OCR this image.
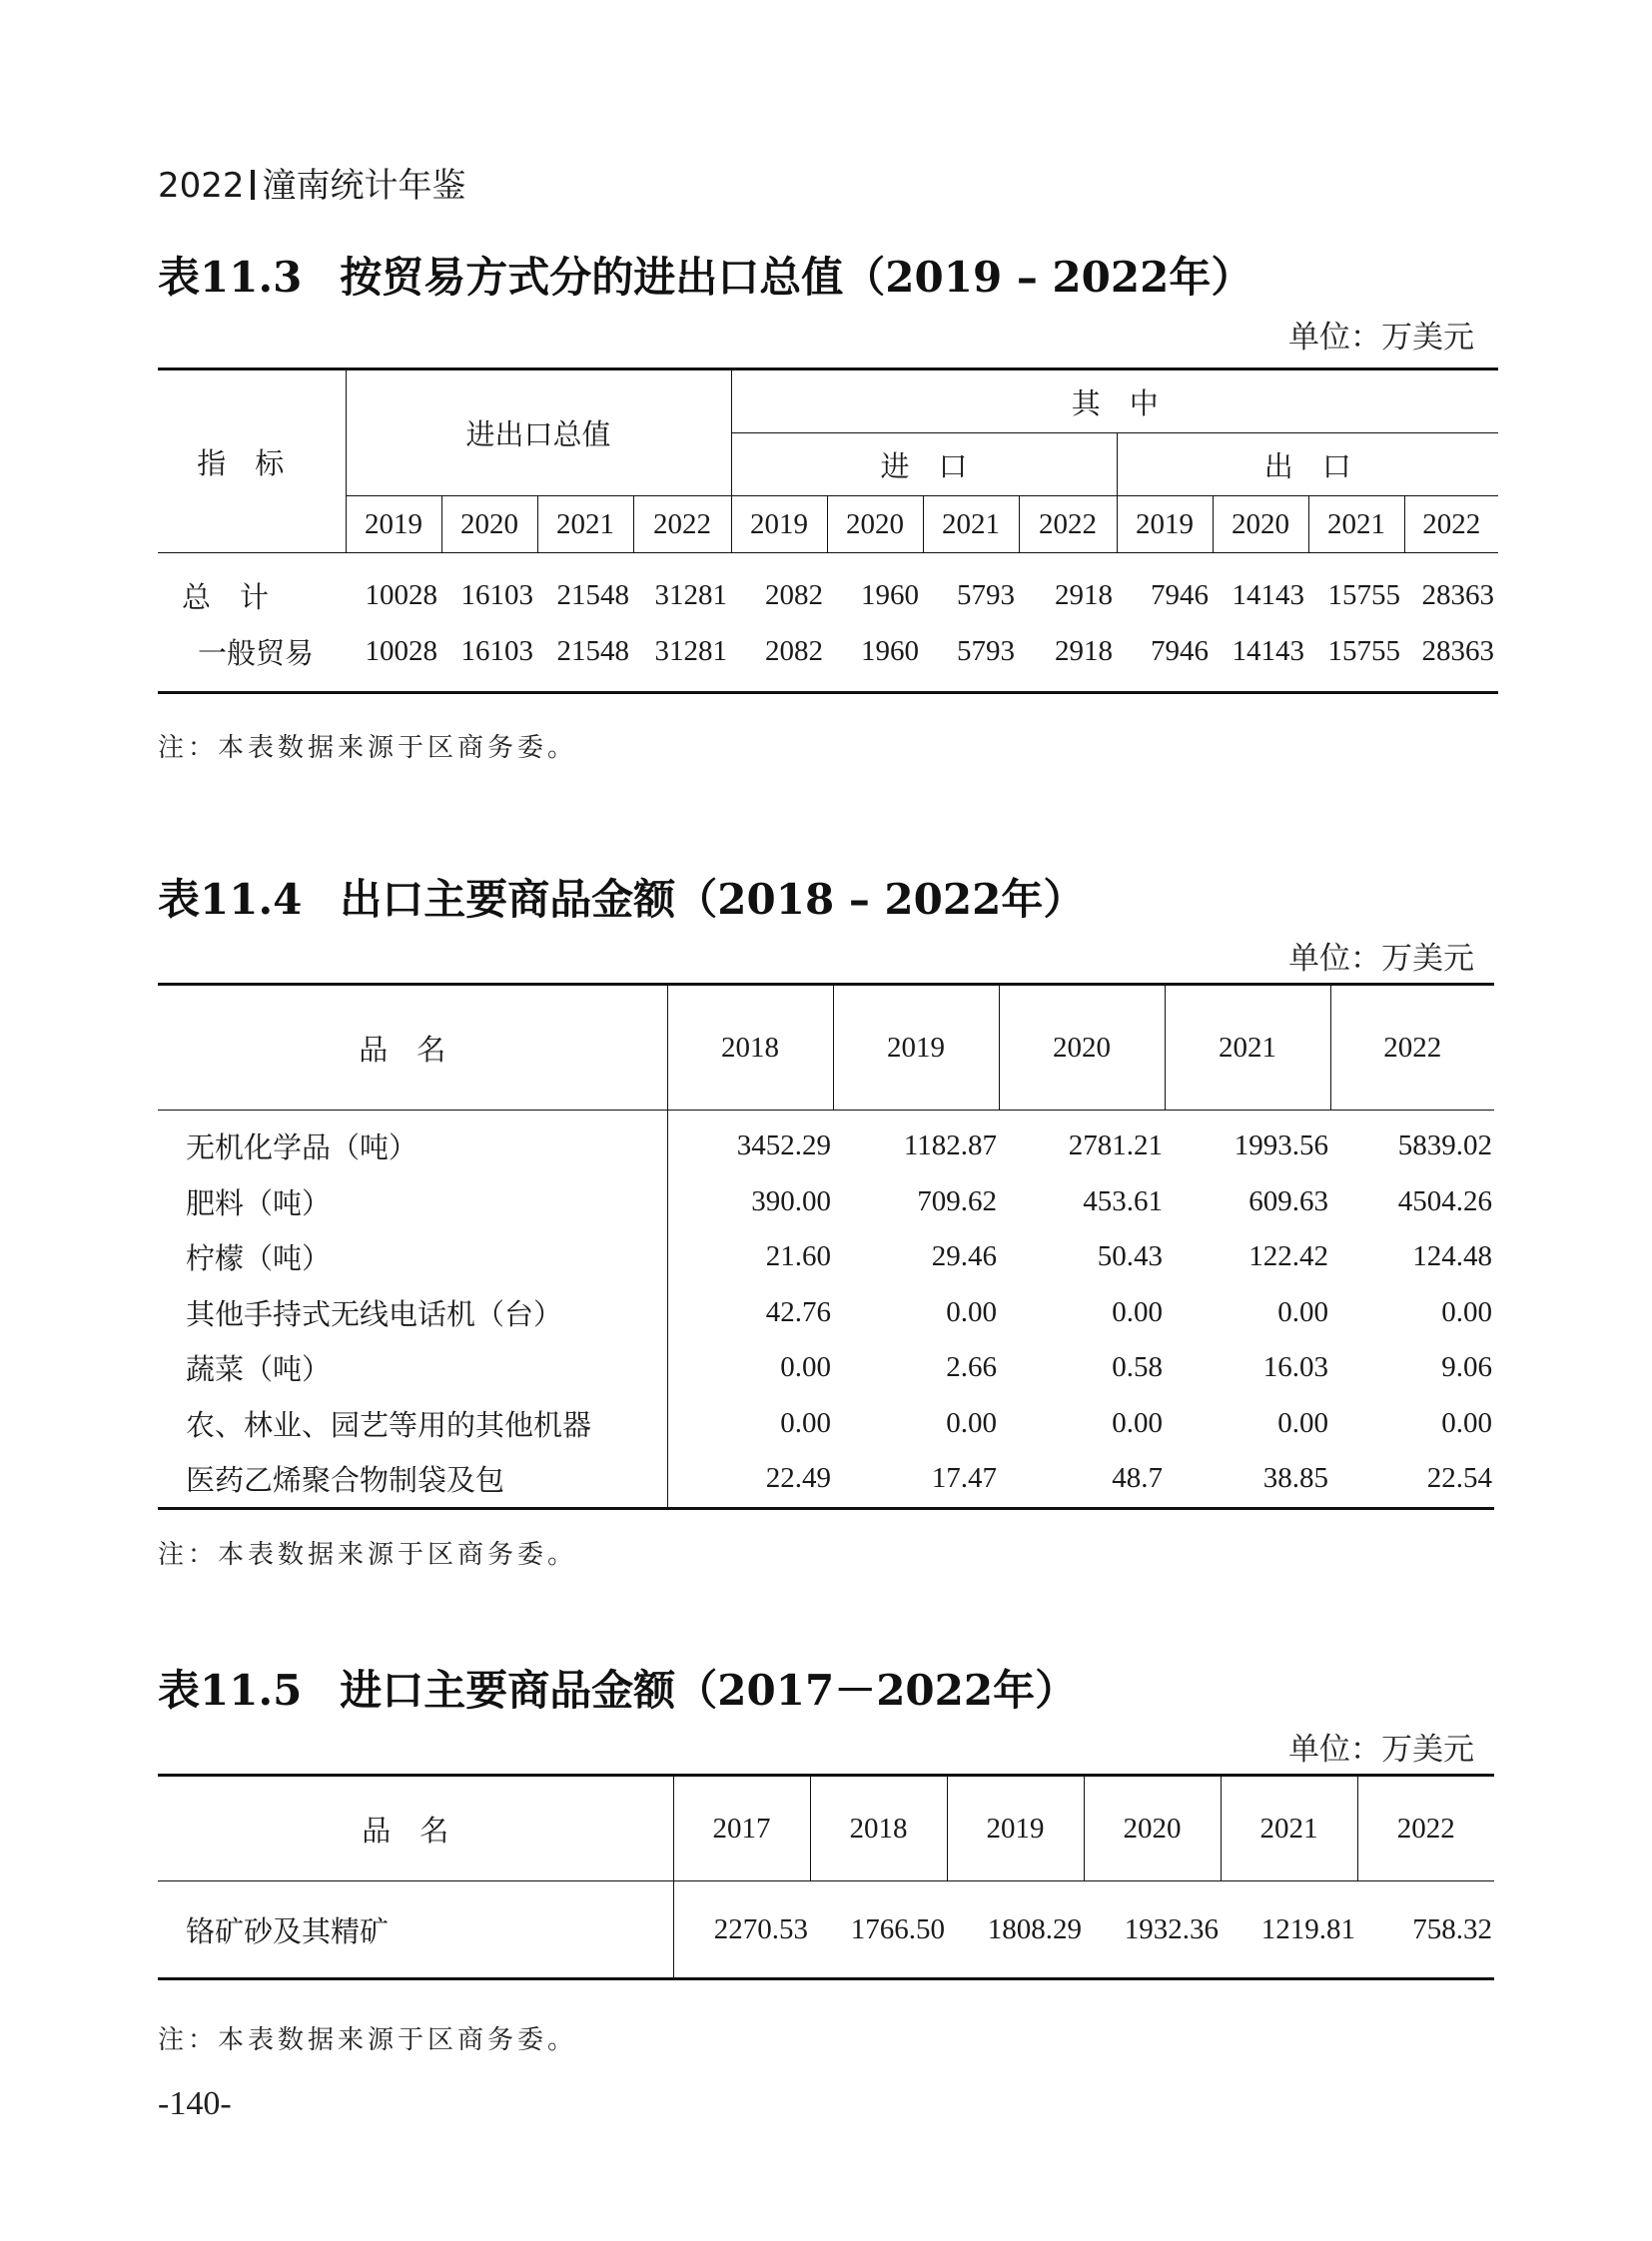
2022 潼南统计年鉴
表11.3 按贸易方式分的进出口总值（2019 – 2022年）
单位：万美元
指　标	进出口总值				其　中							
					进　口				出　口			
	2019	2020	2021	2022	2019	2020	2021	2022	2019	2020	2021	2022
总　计	10028	16103	21548	31281	2082	1960	5793	2918	7946	14143	15755	28363
一般贸易	10028	16103	21548	31281	2082	1960	5793	2918	7946	14143	15755	28363
注：本表数据来源于区商务委。
表11.4 出口主要商品金额（2018 – 2022年）
单位：万美元
品　名	2018	2019	2020	2021	2022
无机化学品（吨）	3452.29	1182.87	2781.21	1993.56	5839.02
肥料（吨）	390.00	709.62	453.61	609.63	4504.26
柠檬（吨）	21.60	29.46	50.43	122.42	124.48
其他手持式无线电话机（台）	42.76	0.00	0.00	0.00	0.00
蔬菜（吨）	0.00	2.66	0.58	16.03	9.06
农、林业、园艺等用的其他机器	0.00	0.00	0.00	0.00	0.00
医药乙烯聚合物制袋及包	22.49	17.47	48.7	38.85	22.54
注：本表数据来源于区商务委。
表11.5 进口主要商品金额（2017－2022年）
单位：万美元
品　名	2017	2018	2019	2020	2021	2022
铬矿砂及其精矿	2270.53	1766.50	1808.29	1932.36	1219.81	758.32
注：本表数据来源于区商务委。
-140-
